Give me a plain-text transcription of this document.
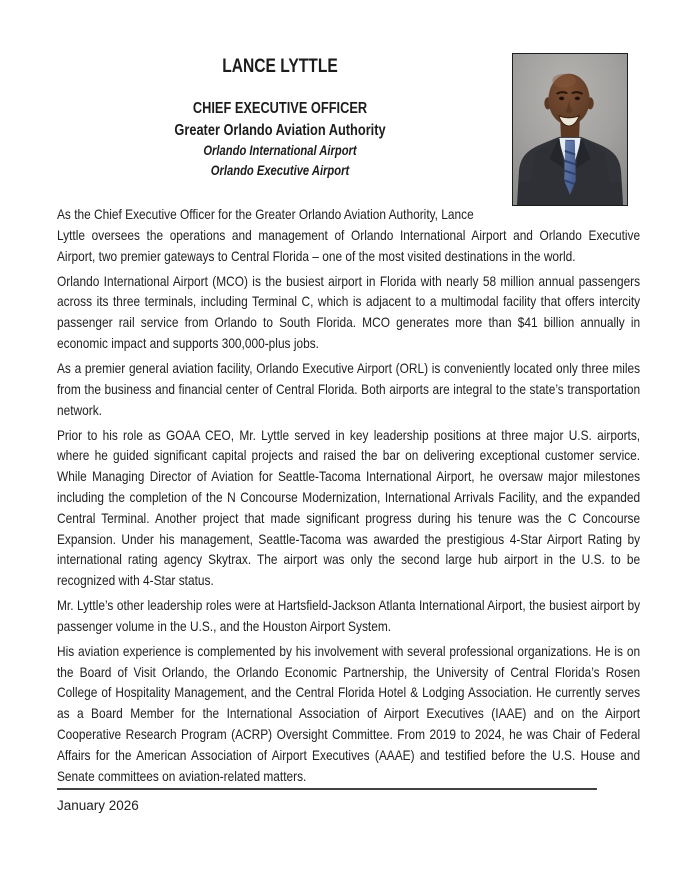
LANCE LYTTLE
CHIEF EXECUTIVE OFFICER
Greater Orlando Aviation Authority
Orlando International Airport
Orlando Executive Airport

As the Chief Executive Officer for the Greater Orlando Aviation Authority, Lance
Lyttle oversees the operations and management of Orlando International Airport and Orlando Executive Airport, two premier gateways to Central Florida – one of the most visited destinations in the world.

Orlando International Airport (MCO) is the busiest airport in Florida with nearly 58 million annual passengers across its three terminals, including Terminal C, which is adjacent to a multimodal facility that offers intercity passenger rail service from Orlando to South Florida. MCO generates more than $41 billion annually in economic impact and supports 300,000-plus jobs.

As a premier general aviation facility, Orlando Executive Airport (ORL) is conveniently located only three miles from the business and financial center of Central Florida. Both airports are integral to the state’s transportation network.

Prior to his role as GOAA CEO, Mr. Lyttle served in key leadership positions at three major U.S. airports, where he guided significant capital projects and raised the bar on delivering exceptional customer service. While Managing Director of Aviation for Seattle-Tacoma International Airport, he oversaw major milestones including the completion of the N Concourse Modernization, International Arrivals Facility, and the expanded Central Terminal. Another project that made significant progress during his tenure was the C Concourse Expansion. Under his management, Seattle-Tacoma was awarded the prestigious 4-Star Airport Rating by international rating agency Skytrax. The airport was only the second large hub airport in the U.S. to be recognized with 4-Star status.

Mr. Lyttle’s other leadership roles were at Hartsfield-Jackson Atlanta International Airport, the busiest airport by passenger volume in the U.S., and the Houston Airport System.

His aviation experience is complemented by his involvement with several professional organizations. He is on the Board of Visit Orlando, the Orlando Economic Partnership, the University of Central Florida’s Rosen College of Hospitality Management, and the Central Florida Hotel & Lodging Association. He currently serves as a Board Member for the International Association of Airport Executives (IAAE) and on the Airport Cooperative Research Program (ACRP) Oversight Committee. From 2019 to 2024, he was Chair of Federal Affairs for the American Association of Airport Executives (AAAE) and testified before the U.S. House and Senate committees on aviation-related matters.

January 2026
